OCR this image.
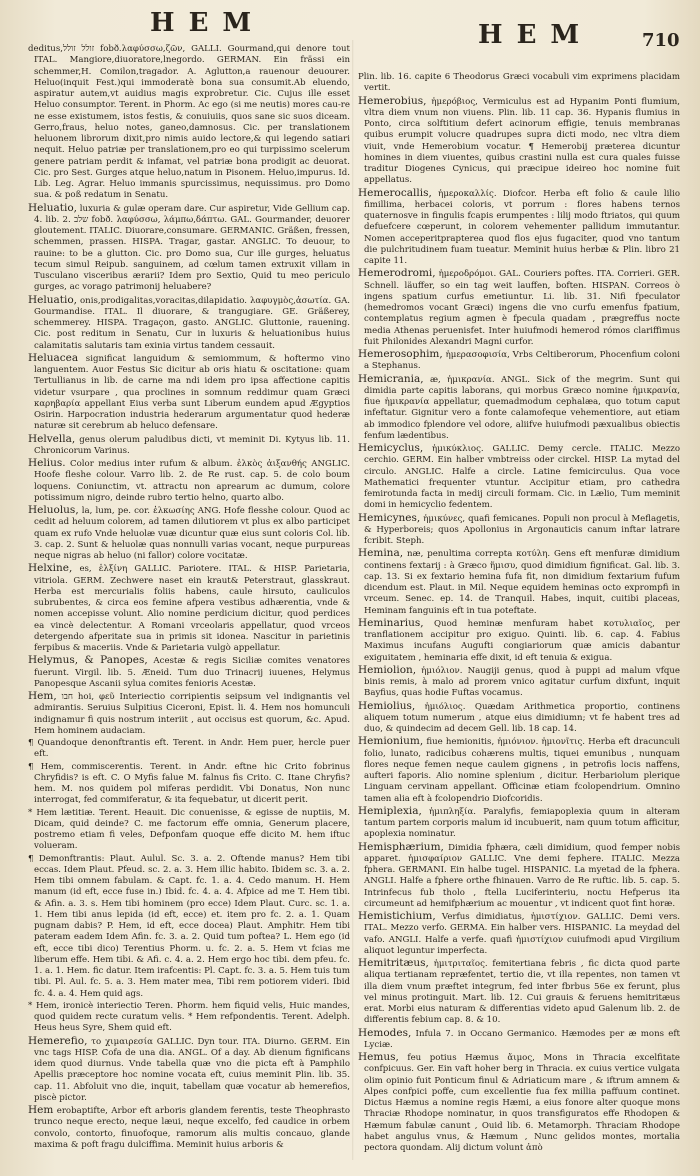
HEM	HEM	710

deditus,זולל זולל fobð.λαφύσσω,ζῶν, GALLI. Gourmand,qui denore tout ITAL. Mangiore,diuoratore,lnegordo. GERMAN. Ein frässi ein schemmer,H. Comilon,tragador. A. Aglutton,a rauenour deuourer. Heluo(inquit Fest.)qui immoderatè bona sua consumit.Ab eluendo, aspiratur autem,vt auidius magis exprobretur. Cic. Cujus ille esset Heluo consumptor. Terent. in Phorm. Ac ego (si me neutis) mores cau-re ne esse existumem, istos festis, & conuiuiis, quos sane sic suos diceam. Gerro,fraus, heluo notes, ganeo,damnosus. Cic. per translationem heluonem librorum dixit,pro nimis auido lectore,& qui legendo satiari nequit. Heluo patriæ per translationem,pro eo qui turpissimo scelerum genere patriam perdit & infamat, vel patriæ bona prodigit ac deuorat. Cic. pro Sest. Gurges atque heluo,natum in Pisonem. Heluo,impurus. Id. Lib. Leg. Agrar. Heluo immanis spurcissimus, nequissimus. pro Domo sua. & poß redatum in Senatu.

Heluatio, luxuria & gulæ operam dare. Cur aspiretur, Vide Gellium cap. 4. lib. 2. שלב fobð. λαφύσσω, λάμπω,δάπτω. GAL. Gourmander, deuorer gloutement. ITALIC. Diuorare,consumare. GERMANIC. Gräßen, fressen, schemmen, prassen. HISPA. Tragar, gastar. ANGLIC. To deuour, to rauine: to be a glutton. Cic. pro Domo sua, Cur ille gurges, heluatus tecum simul Reipub. sanguinem, ad cœlum tamen extruxit villam in Tusculano visceribus ærarii? Idem pro Sextio, Quid tu meo periculo gurges, ac vorago patrimonij heluabere?

Heluatio, onis,prodigalitas,voracitas,dilapidatio. λαφυγμὸς,ἀσωτία. GA. Gourmandise. ITAL. Il diuorare, & trangugiare. GE. Gräßerey, schemmerey. HISPA. Tragaçon, gasto. ANGLIC. Gluttonie, rauening. Cic. post reditum in Senatu, Cur in luxuris & heluationibus huius calamitatis salutaris tam exinia virtus tandem cessauit.

Heluacea significat languidum & semiommum, & hoftermo vino languentem. Auor Festus Sic dicitur ab oris hiatu & oscitatione: quam Tertullianus in lib. de carne ma ndi idem pro ipsa affectione capitis videtur vsurpare , qua proclines in somnum reddimur quam Græci καρηβαρία appellant Eius verba sunt Liberum eundem apud Ægyptios Osirin. Harpocration industria hederarum argumentatur quod hederæ naturæ sit cerebrum ab heluco defensare.

Helvella, genus olerum paludibus dicti, vt meminit Di. Κytyus lib. 11. Chronicorum Varinus.

Helius. Color medius inter rufum & album. ἐλκὸς ἀιξανθής ANGLIC. Hoofe fleshe colour. Varro lib. 2. de Re rust. cap. 5. de colo boum loquens. Coniunctim, vt. attractu non aprearum ac dumum, colore potissimum nigro, deinde rubro tertio helno, quarto albo.

Heluolus, la, lum, pe. cor. ἐλκωσίης ANG. Hofe flesshe colour. Quod ac cedit ad heluum colorem, ad tamen dilutiorem vt plus ex albo participet quam ex rufo Vnde heluolæ vuæ dicuntur quæ eius sunt coloris Col. lib. 3. cap. 2. Sunt & heluolæ quas nonnulli varias vocant, neque purpureas neque nigras ab heluo (ni fallor) colore vocitatæ.

Helxine, es, ἑλξίνη GALLIC. Pariotere. ITAL. & HISP. Parietaria, vitriola. GERM. Zechwere naset ein kraut& Peterstraut, glasskraut. Herba est mercurialis foliis habens, caule hirsuto, cauliculos subrubentes, & circa eos femine afpera vestibus adhærentia, vnde & nomen accepisse volunt. Alio nomine perdicium dicitur, quod perdices ea vincè delectentur. A Romani vrceolaris appellatur, quod vrceos detergendo afperitate sua in primis sit idonea. Nascitur in parietinis ferpibus & maceriis. Vnde & Parietaria vulgò appellatur.

Helymus, & Panopes, Acestæ & regis Siciliæ comites venatores fuerunt. Virgil. lib. 5. Æneid. Tum duo Trinacrij iuuenes, Helymus Panopesque Ascanii sylua comites fenioris Acestæ.

Hem, חבו hoi, φεῦ Interiectio corripientis seipsum vel indignantis vel admirantis. Seruius Sulpitius Ciceroni, Epist. li. 4. Hem nos homunculi indignamur fi quis nostrum interiit , aut occisus est quorum, &c. Apud. Hem hominem audaciam.

¶ Quandoque denonftrantis eft. Terent. in Andr. Hem puer, hercle puer eft.

¶ Hem, commiscerentis. Terent. in Andr. eftne hic Crito fobrinus Chryfidis? is eft. C. O Myfis falue M. falnus fis Crito. C. Itane Chryfis? hem. M. nos quidem pol miferas perdidit. Vbi Donatus, Non nunc interrogat, fed commiferatur, & ita fequebatur, ut dicerit perit.

* Hem lætitiæ. Terent. Heauit. Dic conuenisse, & egisse de nuptiis, M. Dicam, quid deinde? C. me factorum effe omnia, Generum placere, postremo etiam fi veles, Defponfam quoque effe dicito M. hem iftuc volueram.

¶ Demonftrantis: Plaut. Aulul. Sc. 3. a. 2. Oftende manus? Hem tibi eccas. Idem Plaut. Pfeud. sc. 2. a. 3. Hem illic habito. Ibidem sc. 3. a. 2. Hem tibi omnem fabulam. & Capt. fc. 1. a. 4. Cedo manum. H. Hem manum (id eft, ecce fuse in.) Ibid. fc. 4. a. 4. Afpice ad me T. Hem tibi. & Afin. a. 3. s. Hem tibi hominem (pro ecce) Idem Plaut. Curc. sc. 1. a. 1. Hem tibi anus lepida (id eft, ecce) et. item pro fc. 2. a. 1. Quam pugnam dabis? P. Hem, id eft, ecce docea) Plaut. Amphitr. Hem tibi pateram eadem Idem Afin. fc. 3. a. 2. Quid tum poftea? L. Hem ego (id eft, ecce tibi dico) Terentius Phorm. u. fc. 2. a. 5. Hem vt fcias me liberum effe. Hem tibi. & Afi. c. 4. a. 2. Hem ergo hoc tibi. dem pfeu. fc. 1. a. 1. Hem. fic datur. Item irafcentis: Pl. Capt. fc. 3. a. 5. Hem tuis tum tibi. Pl. Aul. fc. 5. a. 3. Hem mater mea, Tibi rem potiorem videri. Ibid fc. 4. a. 4. Hem quid ags.

* Hem, ironicè interiectio Teren. Phorm. hem fiquid velis, Huic mandes, quod quidem recte curatum velis. * Hem refpondentis. Terent. Adelph. Heus heus Syre, Shem quid eft.

Hemerefio, το χιμαιρεσία GALLIC. Dyn tour. ITA. Diurno. GERM. Ein vnc tags HISP. Cofa de una dia. ANGL. Of a day. Ab dienum fignificans idem quod diurnus. Vnde tabella quæ vno die picta eft à Pamphilo Apellis præceptore hoc nomine vocata eft, cuius meminit Plin. lib. 35. cap. 11. Abfoluit vno die, inquit, tabellam quæ vocatur ab hemerefios, piscè pictor.

Hem erobaptifte, Arbor eft arboris glandem ferentis, teste Theophrasto trunco neque erecto, neque læui, neque excelfo, fed caudice in orbem convolo, contorto, finuofoque, ramorum alis multis concauo, glande maxima & poft fragu dulciffima. Meminit huius arboris &

Plin. lib. 16. capite 6 Theodorus Græci vocabuli vim exprimens placidam vertit.

Hemerobius, ἡμερόβιος, Vermiculus est ad Hypanim Ponti flumium, vltra diem vnum non viuens. Plin. lib. 11 cap. 36. Hypanis flumius in Ponto, circa solftitium defert acinorum effigie, tenuis membranas quibus erumpit volucre quadrupes supra dicti modo, nec vltra diem viuit, vnde Hemerobium vocatur. ¶ Hemerobij præterea dicuntur homines in diem viuentes, quibus crastini nulla est cura quales fuisse traditur Diogenes Cynicus, qui præcipue ideireo hoc nomine fuit appellatus.

Hemerocallis, ἡμεροκαλλίς. Diofcor. Herba eft folio & caule lilio fimillima, herbacei coloris, vt porrum : flores habens ternos quaternosve in fingulis fcapis erumpentes : lilij modo ftriatos, qui quum defuefcere cœperunt, in colorem vehementer pallidum immutantur. Nomen acceperitprapterea quod flos ejus fugaciter, quod vno tantum die pulchritudinem fuam tueatur. Meminit huius herbæ & Plin. libro 21 capite 11.

Hemerodromi, ἡμεροδρόμοι. GAL. Couriers poftes. ITA. Corrieri. GER. Schnell. läuffer, so ein tag weit lauffen, boften. HISPAN. Correos ò ingens spatium curfus emetiuntur. Li. lib. 31. Nifi fpeculator (hemedromos vocant Græci) ingens die vno curfu emenfus fpatium, contemplatus regium agmen è fpecula quadam , prægreffus nocte media Athenas peruenisfet. Inter huiufmodi hemerod rómos clariffimus fuit Philonides Alexandri Magni curfor.

Hemerosophim, ἡμερασοφισία, Vrbs Celtiberorum, Phocenfium coloni a Stephanus.

Hemicrania, æ, ἡμικρανία. ANGL. Sick of the megrim. Sunt qui dimidia parte capitis laborans, qui morbus Græco nomine ἡμικρανία, fiue ἡμικρανία appellatur, quemadmodum cephalæa, quo totum caput infeftatur. Gignitur vero a fonte calamofeque vehementiore, aut etiam ab immodico fplendore vel odore, aliifve huiufmodi pæxualibus obiectis fenfum lædentibus.

Hemicyclus, ἡμικύκλιος. GALLIC. Demy cercle. ITALIC. Mezzo cerchio. GERM. Ein halber vmbtreiss oder circkel. HISP. La mytad del circulo. ANGLIC. Halfe a circle. Latine femicirculus. Qua voce Mathematici frequenter vtuntur. Accipitur etiam, pro cathedra femirotunda facta in medij circuli formam. Cic. in Lælio, Tum meminit domi in hemicyclio fedentem.

Hemicynes, ἡμικύνες, quafi femicanes. Populi non procul à Meflagetis, & Hyperboreis; quos Apollonius in Argonauticis canum inftar latrare fcribit. Steph.

Hemina, næ, penultima correpta κοτύλη. Gens eft menfuræ dimidium continens fextarij : à Græco ἥμισυ, quod dimidium fignificat. Gal. lib. 3. cap. 13. Si ex fextario hemina fufa fit, non dimidium fextarium fufum dicendum est. Plaut. in Mil. Neque equidem heminas octo exprompfi in vrceum. Senec. ep. 14. de Tranquil. Habes, inquit, cuitibi placeas, Heminam fanguinis eft in tua poteftate.

Heminarius, Quod heminæ menfuram habet κοτυλιαῖος, per tranflationem accipitur pro exiguo. Quinti. lib. 6. cap. 4. Fabius Maximus incufans Augufti congiariorum quæ amicis dabantur exiguitatem , heminaria effe dixit, id eft tenuia & exigua.

Hemiolion, ἡμιόλιον. Naugiji genus, quod à puppi ad malum vfque binis remis, à malo ad prorem vnico agitatur curfum dixfunt, inquit Bayfius, quas hodie Fuftas vocamus.

Hemiolius, ἡμιόλιος. Quædam Arithmetica proportio, continens aliquem totum numerum , atque eius dimidiumn; vt fe habent tres ad duo, & quindecim ad decem Gell. lib. 18 cap. 14.

Hemionium, fiue hemionitis, ἡμιόνιον. ἡμιονῖτις. Herba eft dracunculi folio, lunato, radicibus cohærens multis, tiquei emunibus , nunquam flores neque femen neque caulem gignens , in petrofis locis naffens, aufteri faporis. Alio nomine splenium , dicitur. Herbariolum plerique Linguam cervinam appellant. Officinæ etiam fcolopendrium. Omnino tamen alia eft à fcolopendrio Diofcoridis.

Hemiplexia, ἡμιπληξία. Paralyfis, femiapoplexia quum in alteram tantum partem corporis malum id incubuerit, nam quum totum afficitur, apoplexia nominatur.

Hemisphærium, Dimidia fphæra, cæli dimidium, quod femper nobis apparet. ἡμισφαίριον GALLIC. Vne demi fephere. ITALIC. Mezza fphera. GERMANI. Ein halbe tugel. HISPANIC. La myetad de la fphera. ANGLI. Halfe a fphere orthe fhinauen. Varro de Re ruftic. lib. 5. cap. 5. Intrinfecus fub tholo , ftella Luciferinteriu, noctu Hefperus ita circumeunt ad hemifphærium ac mouentur , vt indicent quot fint horæ.

Hemistichium, Verfus dimidiatus, ἡμιστίχιον. GALLIC. Demi vers. ITAL. Mezzo verfo. GERMA. Ein halber vers. HISPANIC. La meydad del vafo. ANGLI. Halfe a verfe. quafi ἡμιστίχιον cuiufmodi apud Virgilium aliquot leguntur imperfecta.

Hemitritæus, ἡμιτριταῖος. femitertiana febris , fic dicta quod parte aliqua tertianam repræfentet, tertio die, vt illa repentes, non tamen vt illa diem vnum præftet integrum, fed inter fbrbus 56e ex ferunt, plus vel minus protinguit. Mart. lib. 12. Cui grauis & feruens hemitritæus erat. Morbi eius naturam & differentias videto apud Galenum lib. 2. de differentis febium cap. 8. & 10.

Hemodes, Infula 7. in Occano Germanico. Hæmodes per æ mons eft Lyciæ.

Hemus, feu potius Hæmus ἄιμος, Mons in Thracia excelfitate confpicuus. Ger. Ein vaft hoher berg in Thracia. ex cuius vertice vulgata olim opinio fuit Ponticum finul & Adriaticum mare , & iftrum amnem & Alpes confpici poffe, cum excellentie fua fex millia paffuum continet. Dictus Hæmus a nomine regis Hæmi, a eius fonore alter quoque mons Thraciæ Rhodope nominatur, in quos transfiguratos effe Rhodopen & Hæmum fabulæ canunt , Ouid lib. 6. Metamorph. Thraciam Rhodope habet angulus vnus, & Hæmum , Nunc gelidos montes, mortalia pectora quondam. Alij dictum volunt ἀπὸ
